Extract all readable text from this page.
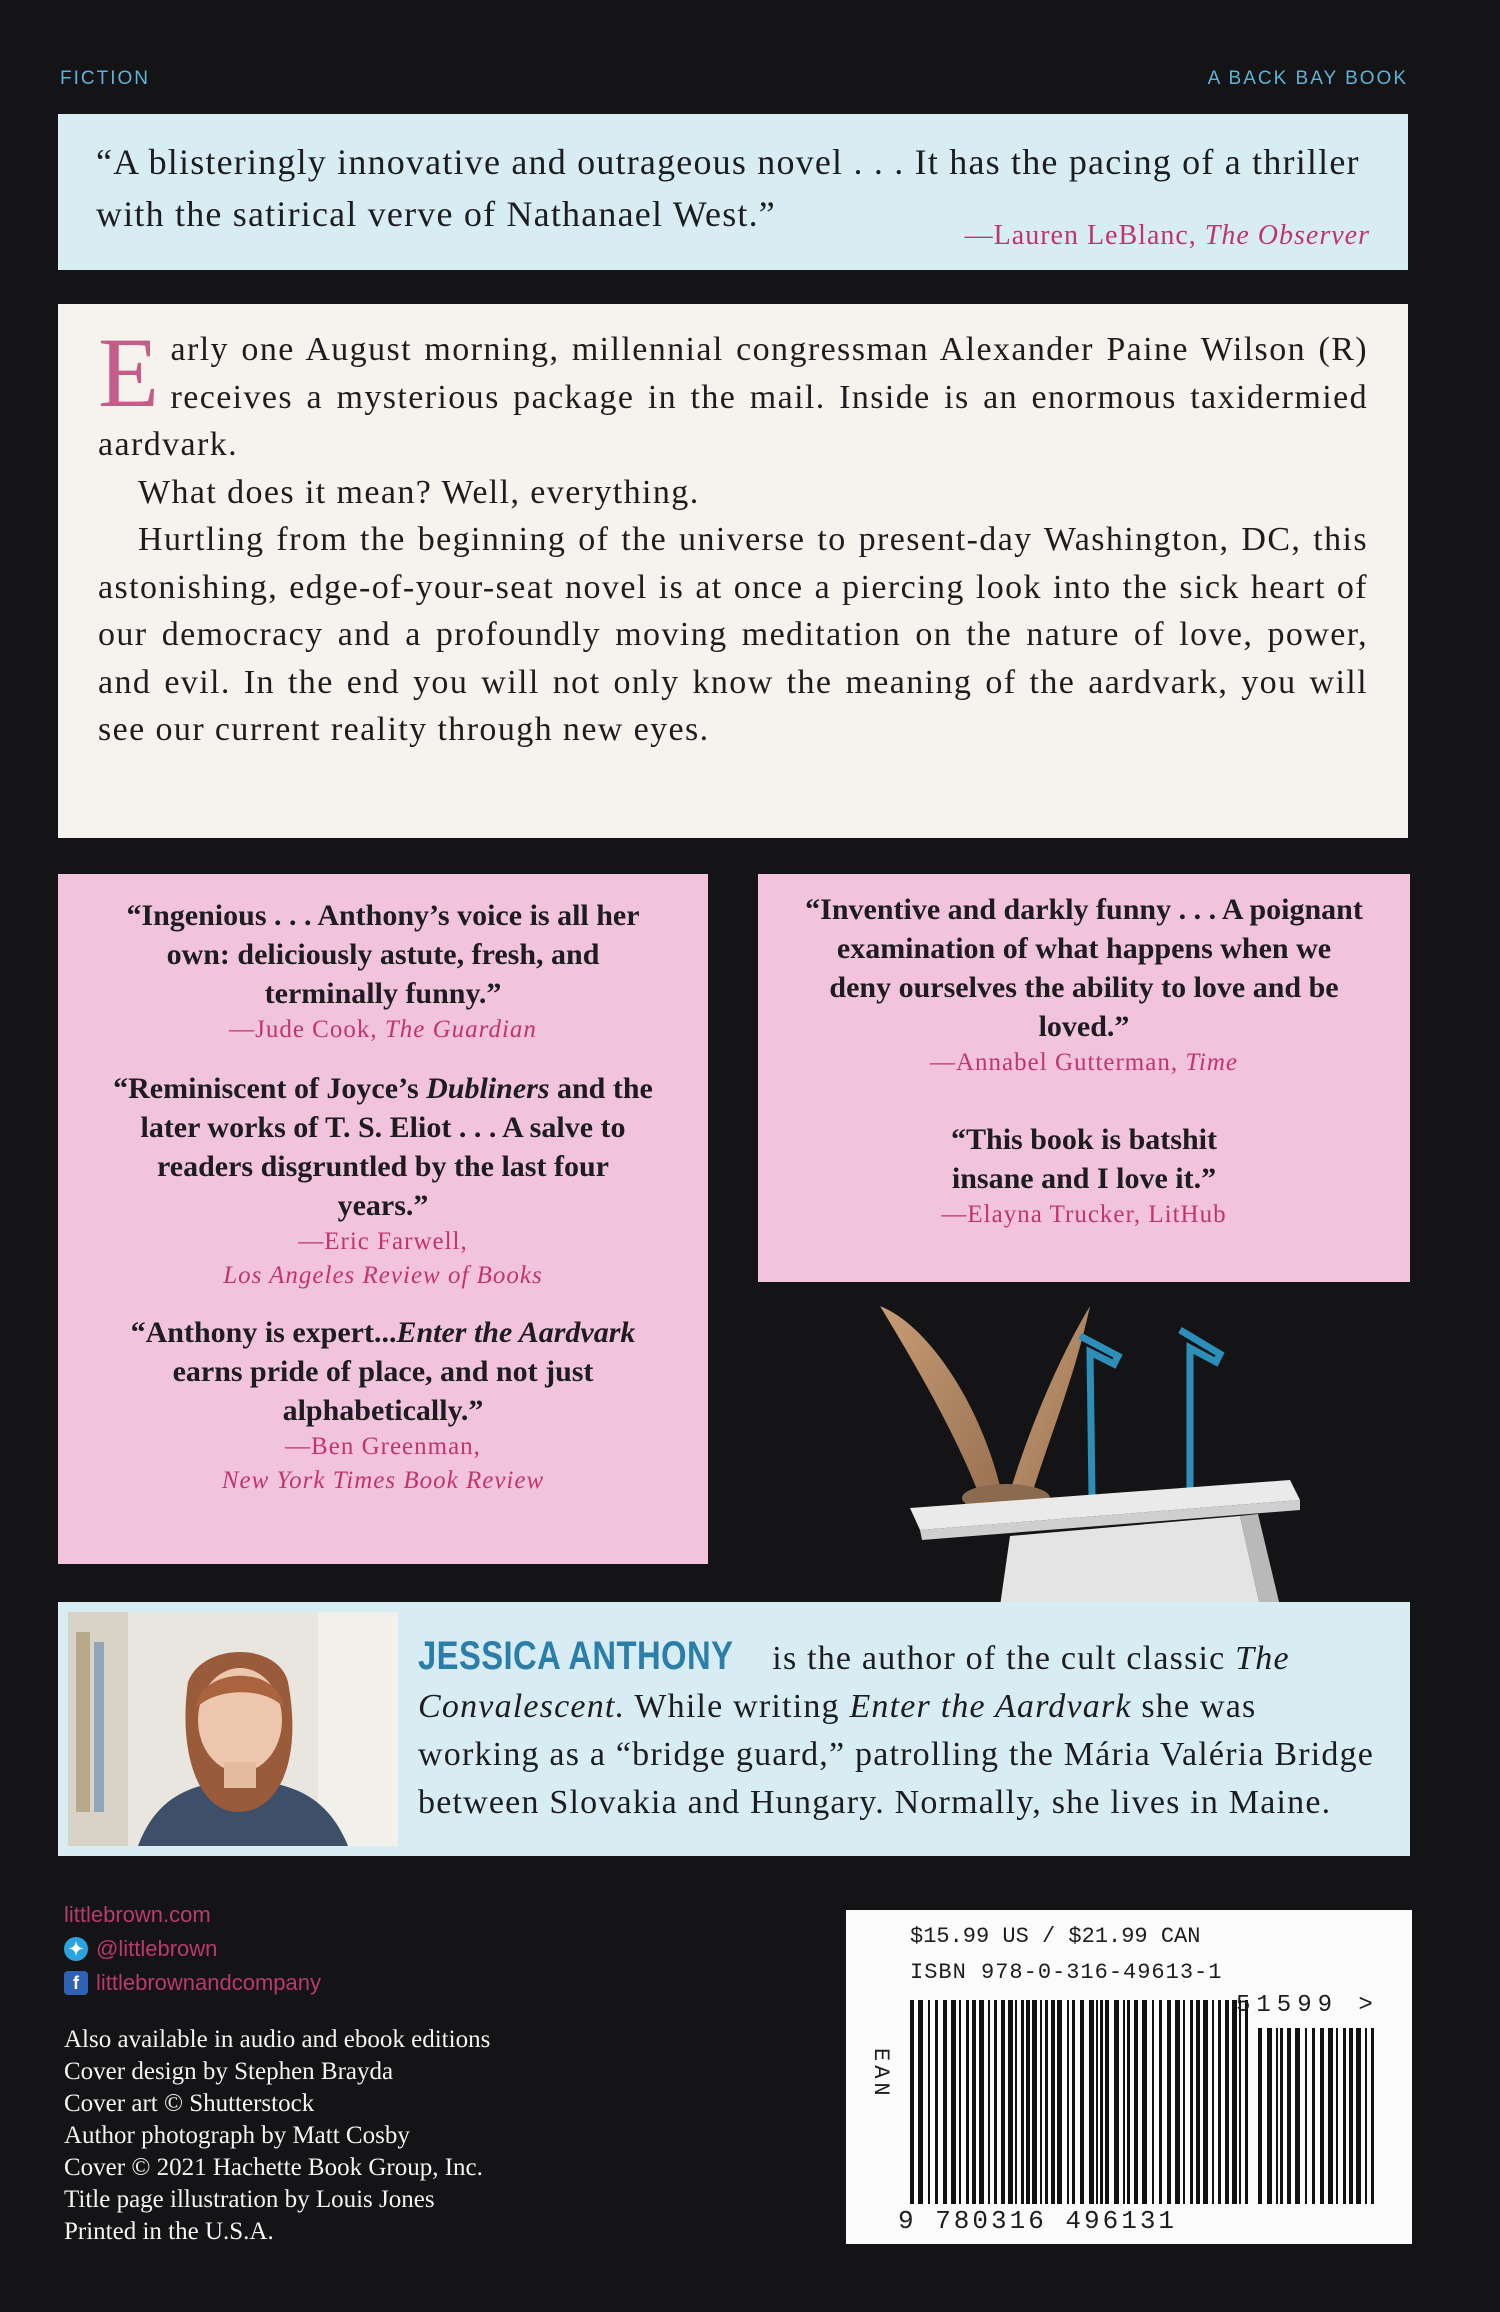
FICTION	A BACK BAY BOOK
“A blisteringly innovative and outrageous novel . . . It has the pacing of a thriller with the satirical verve of Nathanael West.”
—Lauren LeBlanc, The Observer

Early one August morning, millennial congressman Alexander Paine Wilson (R) receives a mysterious package in the mail. Inside is an enormous taxidermied aardvark.

What does it mean? Well, everything.

Hurtling from the beginning of the universe to present-day Washington, DC, this astonishing, edge-of-your-seat novel is at once a piercing look into the sick heart of our democracy and a profoundly moving meditation on the nature of love, power, and evil. In the end you will not only know the meaning of the aardvark, you will see our current reality through new eyes.

“Ingenious . . . Anthony’s voice is all her own: deliciously astute, fresh, and terminally funny.”

—Jude Cook, The Guardian

“Reminiscent of Joyce’s Dubliners and the later works of T. S. Eliot . . . A salve to readers disgruntled by the last four years.”

—Eric Farwell,
Los Angeles Review of Books

“Anthony is expert...Enter the Aardvark earns pride of place, and not just alphabetically.”

—Ben Greenman,
New York Times Book Review

“Inventive and darkly funny . . . A poignant examination of what happens when we deny ourselves the ability to love and be loved.”

—Annabel Gutterman, Time

“This book is batshit insane and I love it.”

—Elayna Trucker, LitHub
JESSICA ANTHONY is the author of the cult classic The Convalescent. While writing Enter the Aardvark she was working as a “bridge guard,” patrolling the Mária Valéria Bridge between Slovakia and Hungary. Normally, she lives in Maine.
littlebrown.com
✦ @littlebrown
f littlebrownandcompany
Also available in audio and ebook editions
Cover design by Stephen Brayda
Cover art © Shutterstock
Author photograph by Matt Cosby
Cover © 2021 Hachette Book Group, Inc.
Title page illustration by Louis Jones
Printed in the U.S.A.
$15.99 US / $21.99 CAN
ISBN 978-0-316-49613-1
EAN
51599 >
9 780316 496131
